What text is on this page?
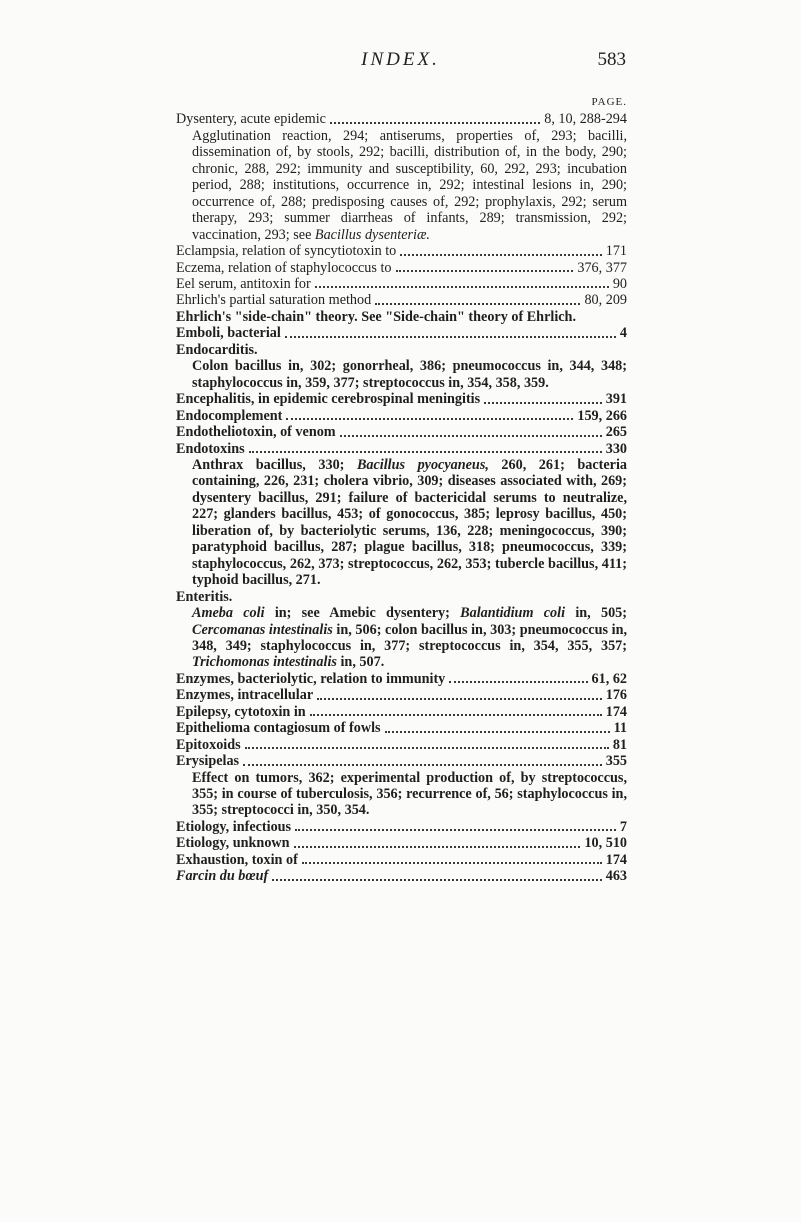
INDEX.	583
PAGE.
Dysentery, acute epidemic	8, 10, 288-294
Agglutination reaction, 294; antiserums, properties of, 293; bacilli, dissemination of, by stools, 292; bacilli, distribution of, in the body, 290; chronic, 288, 292; immunity and susceptibility, 60, 292, 293; incubation period, 288; institutions, occurrence in, 292; intestinal lesions in, 290; occurrence of, 288; predisposing causes of, 292; prophylaxis, 292; serum therapy, 293; summer diarrheas of infants, 289; transmission, 292; vaccination, 293; see Bacillus dysenteriæ.
Eclampsia, relation of syncytiotoxin to	171
Eczema, relation of staphylococcus to	376, 377
Eel serum, antitoxin for	90
Ehrlich's partial saturation method	80, 209
Ehrlich's "side-chain" theory. See "Side-chain" theory of Ehrlich.
Emboli, bacterial	4
Endocarditis.
Colon bacillus in, 302; gonorrheal, 386; pneumococcus in, 344, 348; staphylococcus in, 359, 377; streptococcus in, 354, 358, 359.
Encephalitis, in epidemic cerebrospinal meningitis	391
Endocomplement	159, 266
Endotheliotoxin, of venom	265
Endotoxins	330
Anthrax bacillus, 330; Bacillus pyocyaneus, 260, 261; bacteria containing, 226, 231; cholera vibrio, 309; diseases associated with, 269; dysentery bacillus, 291; failure of bactericidal serums to neutralize, 227; glanders bacillus, 453; of gonococcus, 385; leprosy bacillus, 450; liberation of, by bacteriolytic serums, 136, 228; meningococcus, 390; paratyphoid bacillus, 287; plague bacillus, 318; pneumococcus, 339; staphylococcus, 262, 373; streptococcus, 262, 353; tubercle bacillus, 411; typhoid bacillus, 271.
Enteritis.
Ameba coli in; see Amebic dysentery; Balantidium coli in, 505; Cercomanas intestinalis in, 506; colon bacillus in, 303; pneumococcus in, 348, 349; staphylococcus in, 377; streptococcus in, 354, 355, 357; Trichomonas intestinalis in, 507.
Enzymes, bacteriolytic, relation to immunity	61, 62
Enzymes, intracellular	176
Epilepsy, cytotoxin in	174
Epithelioma contagiosum of fowls	11
Epitoxoids	81
Erysipelas	355
Effect on tumors, 362; experimental production of, by streptococcus, 355; in course of tuberculosis, 356; recurrence of, 56; staphylococcus in, 355; streptococci in, 350, 354.
Etiology, infectious	7
Etiology, unknown	10, 510
Exhaustion, toxin of	174
Farcin du bœuf	463
